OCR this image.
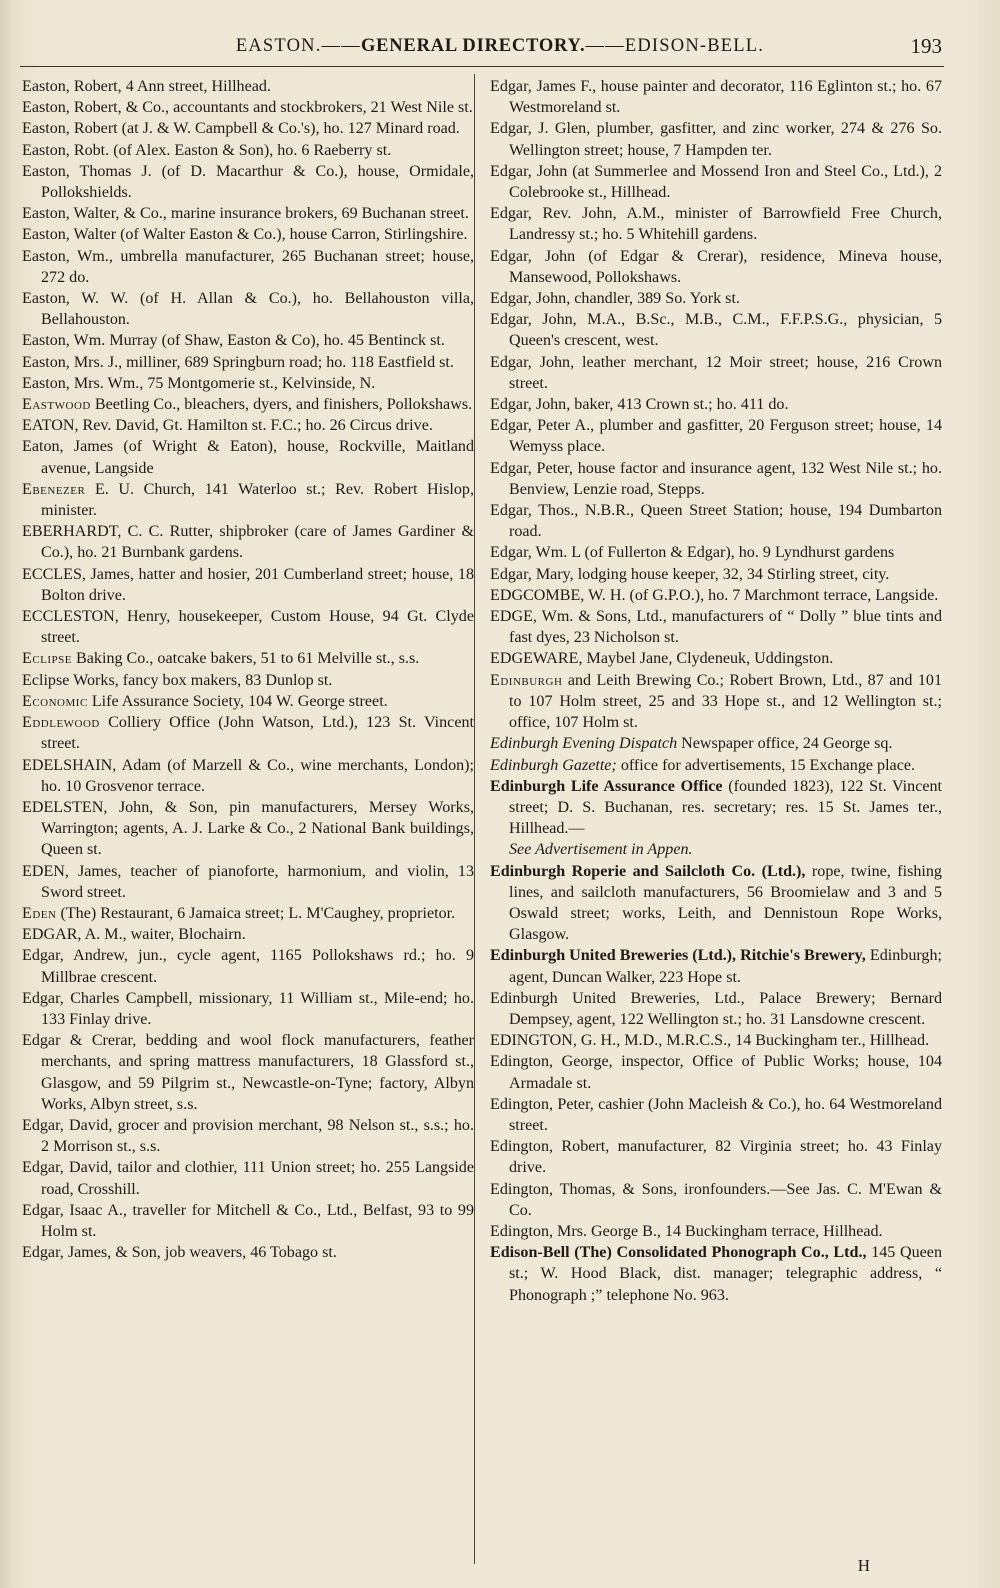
EASTON.——GENERAL DIRECTORY.——EDISON-BELL.	193

Easton, Robert, 4 Ann street, Hillhead.

Easton, Robert, & Co., accountants and stockbrokers, 21 West Nile st.

Easton, Robert (at J. & W. Campbell & Co.'s), ho. 127 Minard road.

Easton, Robt. (of Alex. Easton & Son), ho. 6 Raeberry st.

Easton, Thomas J. (of D. Macarthur & Co.), house, Ormidale, Pollokshields.

Easton, Walter, & Co., marine insurance brokers, 69 Buchanan street.

Easton, Walter (of Walter Easton & Co.), house Carron, Stirlingshire.

Easton, Wm., umbrella manufacturer, 265 Buchanan street; house, 272 do.

Easton, W. W. (of H. Allan & Co.), ho. Bellahouston villa, Bellahouston.

Easton, Wm. Murray (of Shaw, Easton & Co), ho. 45 Bentinck st.

Easton, Mrs. J., milliner, 689 Springburn road; ho. 118 Eastfield st.

Easton, Mrs. Wm., 75 Montgomerie st., Kelvinside, N.

Eastwood Beetling Co., bleachers, dyers, and finishers, Pollokshaws.

EATON, Rev. David, Gt. Hamilton st. F.C.; ho. 26 Circus drive.

Eaton, James (of Wright & Eaton), house, Rockville, Maitland avenue, Langside

Ebenezer E. U. Church, 141 Waterloo st.; Rev. Robert Hislop, minister.

EBERHARDT, C. C. Rutter, shipbroker (care of James Gardiner & Co.), ho. 21 Burnbank gardens.

ECCLES, James, hatter and hosier, 201 Cumberland street; house, 18 Bolton drive.

ECCLESTON, Henry, housekeeper, Custom House, 94 Gt. Clyde street.

Eclipse Baking Co., oatcake bakers, 51 to 61 Melville st., s.s.

Eclipse Works, fancy box makers, 83 Dunlop st.

Economic Life Assurance Society, 104 W. George street.

Eddlewood Colliery Office (John Watson, Ltd.), 123 St. Vincent street.

EDELSHAIN, Adam (of Marzell & Co., wine merchants, London); ho. 10 Grosvenor terrace.

EDELSTEN, John, & Son, pin manufacturers, Mersey Works, Warrington; agents, A. J. Larke & Co., 2 National Bank buildings, Queen st.

EDEN, James, teacher of pianoforte, harmonium, and violin, 13 Sword street.

Eden (The) Restaurant, 6 Jamaica street; L. M'Caughey, proprietor.

EDGAR, A. M., waiter, Blochairn.

Edgar, Andrew, jun., cycle agent, 1165 Pollokshaws rd.; ho. 9 Millbrae crescent.

Edgar, Charles Campbell, missionary, 11 William st., Mile-end; ho. 133 Finlay drive.

Edgar & Crerar, bedding and wool flock manufacturers, feather merchants, and spring mattress manufacturers, 18 Glassford st., Glasgow, and 59 Pilgrim st., Newcastle-on-Tyne; factory, Albyn Works, Albyn street, s.s.

Edgar, David, grocer and provision merchant, 98 Nelson st., s.s.; ho. 2 Morrison st., s.s.

Edgar, David, tailor and clothier, 111 Union street; ho. 255 Langside road, Crosshill.

Edgar, Isaac A., traveller for Mitchell & Co., Ltd., Belfast, 93 to 99 Holm st.

Edgar, James, & Son, job weavers, 46 Tobago st.

Edgar, James F., house painter and decorator, 116 Eglinton st.; ho. 67 Westmoreland st.

Edgar, J. Glen, plumber, gasfitter, and zinc worker, 274 & 276 So. Wellington street; house, 7 Hampden ter.

Edgar, John (at Summerlee and Mossend Iron and Steel Co., Ltd.), 2 Colebrooke st., Hillhead.

Edgar, Rev. John, A.M., minister of Barrowfield Free Church, Landressy st.; ho. 5 Whitehill gardens.

Edgar, John (of Edgar & Crerar), residence, Mineva house, Mansewood, Pollokshaws.

Edgar, John, chandler, 389 So. York st.

Edgar, John, M.A., B.Sc., M.B., C.M., F.F.P.S.G., physician, 5 Queen's crescent, west.

Edgar, John, leather merchant, 12 Moir street; house, 216 Crown street.

Edgar, John, baker, 413 Crown st.; ho. 411 do.

Edgar, Peter A., plumber and gasfitter, 20 Ferguson street; house, 14 Wemyss place.

Edgar, Peter, house factor and insurance agent, 132 West Nile st.; ho. Benview, Lenzie road, Stepps.

Edgar, Thos., N.B.R., Queen Street Station; house, 194 Dumbarton road.

Edgar, Wm. L (of Fullerton & Edgar), ho. 9 Lyndhurst gardens

Edgar, Mary, lodging house keeper, 32, 34 Stirling street, city.

EDGCOMBE, W. H. (of G.P.O.), ho. 7 Marchmont terrace, Langside.

EDGE, Wm. & Sons, Ltd., manufacturers of “ Dolly ” blue tints and fast dyes, 23 Nicholson st.

EDGEWARE, Maybel Jane, Clydeneuk, Uddingston.

Edinburgh and Leith Brewing Co.; Robert Brown, Ltd., 87 and 101 to 107 Holm street, 25 and 33 Hope st., and 12 Wellington st.; office, 107 Holm st.

Edinburgh Evening Dispatch Newspaper office, 24 George sq.

Edinburgh Gazette; office for advertisements, 15 Exchange place.

Edinburgh Life Assurance Office (founded 1823), 122 St. Vincent street; D. S. Buchanan, res. secretary; res. 15 St. James ter., Hillhead.—
See Advertisement in Appen.

Edinburgh Roperie and Sailcloth Co. (Ltd.), rope, twine, fishing lines, and sailcloth manufacturers, 56 Broomielaw and 3 and 5 Oswald street; works, Leith, and Dennistoun Rope Works, Glasgow.

Edinburgh United Breweries (Ltd.), Ritchie's Brewery, Edinburgh; agent, Duncan Walker, 223 Hope st.

Edinburgh United Breweries, Ltd., Palace Brewery; Bernard Dempsey, agent, 122 Wellington st.; ho. 31 Lansdowne crescent.

EDINGTON, G. H., M.D., M.R.C.S., 14 Buckingham ter., Hillhead.

Edington, George, inspector, Office of Public Works; house, 104 Armadale st.

Edington, Peter, cashier (John Macleish & Co.), ho. 64 Westmoreland street.

Edington, Robert, manufacturer, 82 Virginia street; ho. 43 Finlay drive.

Edington, Thomas, & Sons, ironfounders.—See Jas. C. M'Ewan & Co.

Edington, Mrs. George B., 14 Buckingham terrace, Hillhead.

Edison-Bell (The) Consolidated Phonograph Co., Ltd., 145 Queen st.; W. Hood Black, dist. manager; telegraphic address, “ Phonograph ;” telephone No. 963.

H
